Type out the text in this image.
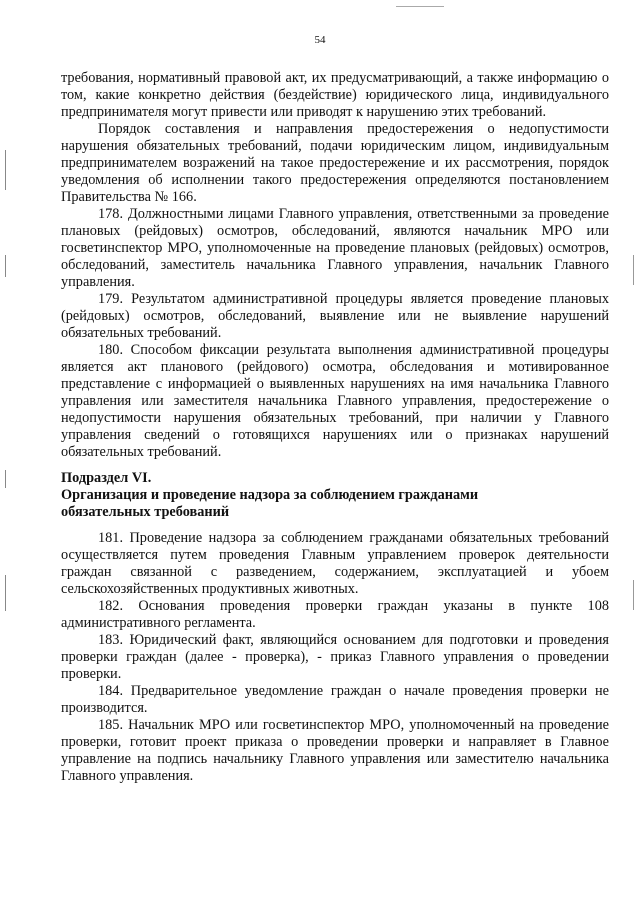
54

требования, нормативный правовой акт, их предусматривающий, а также информацию о том, какие конкретно действия (бездействие) юридического лица, индивидуального предпринимателя могут привести или приводят к нарушению этих требований.

Порядок составления и направления предостережения о недопустимости нарушения обязательных требований, подачи юридическим лицом, индивидуальным предпринимателем возражений на такое предостережение и их рассмотрения, порядок уведомления об исполнении такого предостережения определяются постановлением Правительства № 166.

178. Должностными лицами Главного управления, ответственными за проведение плановых (рейдовых) осмотров, обследований, являются начальник МРО или госветинспектор МРО, уполномоченные на проведение плановых (рейдовых) осмотров, обследований, заместитель начальника Главного управления, начальник Главного управления.

179. Результатом административной процедуры является проведение плановых (рейдовых) осмотров, обследований, выявление или не выявление нарушений обязательных требований.

180. Способом фиксации результата выполнения административной процедуры является акт планового (рейдового) осмотра, обследования и мотивированное представление с информацией о выявленных нарушениях на имя начальника Главного управления или заместителя начальника Главного управления, предостережение о недопустимости нарушения обязательных требований, при наличии у Главного управления сведений о готовящихся нарушениях или о признаках нарушений обязательных требований.

Подраздел VI.

Организация и проведение надзора за соблюдением гражданами

обязательных требований

181. Проведение надзора за соблюдением гражданами обязательных требований осуществляется путем проведения Главным управлением проверок деятельности граждан связанной с разведением, содержанием, эксплуатацией и убоем сельскохозяйственных продуктивных животных.

182. Основания проведения проверки граждан указаны в пункте 108 административного регламента.

183. Юридический факт, являющийся основанием для подготовки и проведения проверки граждан (далее - проверка), - приказ Главного управления о проведении проверки.

184. Предварительное уведомление граждан о начале проведения проверки не производится.

185. Начальник МРО или госветинспектор МРО, уполномоченный на проведение проверки, готовит проект приказа о проведении проверки и направляет в Главное управление на подпись начальнику Главного управления или заместителю начальника Главного управления.
